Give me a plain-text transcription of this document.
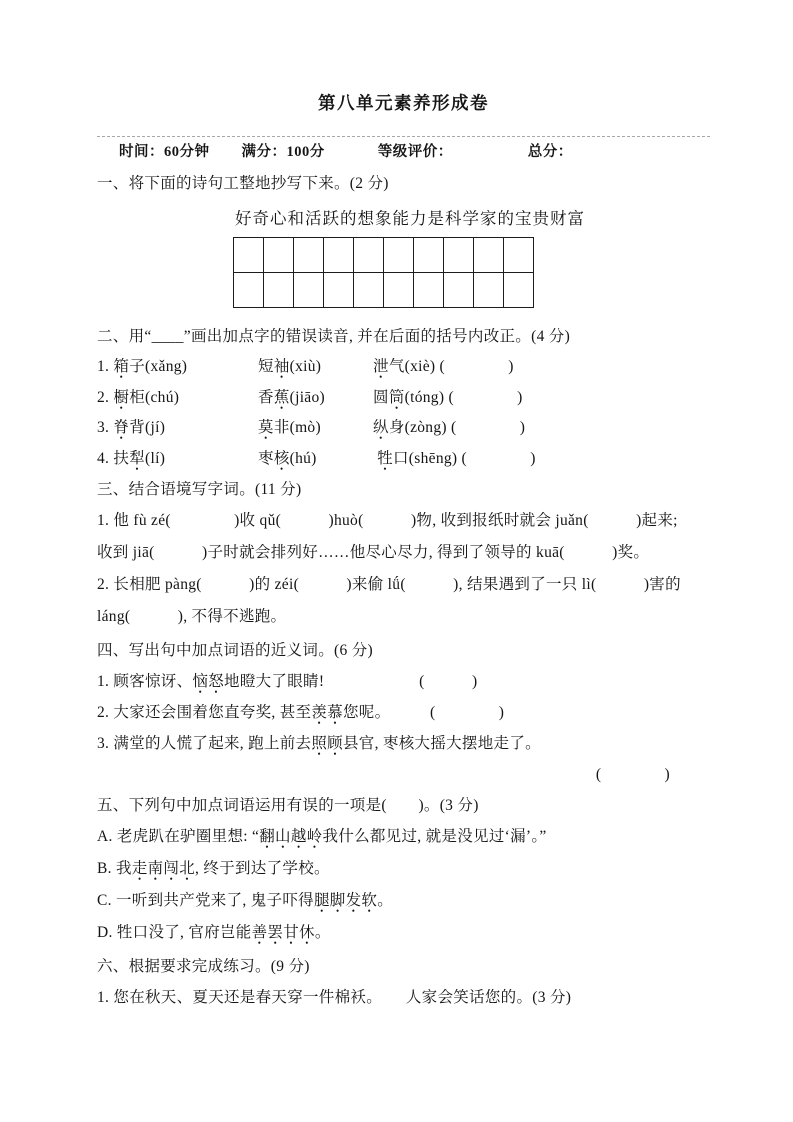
第八单元素养形成卷
时间：60分钟 满分：100分	等级评价：	总分：

一、将下面的诗句工整地抄写下来。(2 分)

好奇心和活跃的想象能力是科学家的宝贵财富

二、用“____”画出加点字的错误读音, 并在后面的括号内改正。(4 分)

1. 箱子(xǎng)	短袖(xiù)	泄气(xiè) (　　　　)
2. 橱柜(chú)	香蕉(jiāo)	圆筒(tóng) (　　　　)
3. 脊背(jí)	莫非(mò)	纵身(zòng) (　　　　)
4. 扶犁(lí)	枣核(hú)	牲口(shēng) (　　　　)

三、结合语境写字词。(11 分)

1. 他 fù zé(　　　　)收 qǔ(　　　)huò(　　　)物, 收到报纸时就会 juǎn(　　　)起来;

收到 jiā(　　　)子时就会排列好……他尽心尽力, 得到了领导的 kuā(　　　)奖。

2. 长相肥 pàng(　　　)的 zéi(　　　)来偷 lǘ(　　　), 结果遇到了一只 lì(　　　)害的

láng(　　　), 不得不逃跑。

四、写出句中加点词语的近义词。(6 分)

1. 顾客惊讶、恼怒地瞪大了眼睛!　　　　　　(　　　)

2. 大家还会围着您直夸奖, 甚至羡慕您呢。　　　(　　　　)

3. 满堂的人慌了起来, 跑上前去照顾县官, 枣核大摇大摆地走了。

(　　　　)

五、下列句中加点词语运用有误的一项是(　　)。(3 分)

A. 老虎趴在驴圈里想: “翻山越岭我什么都见过, 就是没见过‘漏’。”

B. 我走南闯北, 终于到达了学校。

C. 一听到共产党来了, 鬼子吓得腿脚发软。

D. 牲口没了, 官府岂能善罢甘休。

六、根据要求完成练习。(9 分)

1. 您在秋天、夏天还是春天穿一件棉袄。　　人家会笑话您的。(3 分)
